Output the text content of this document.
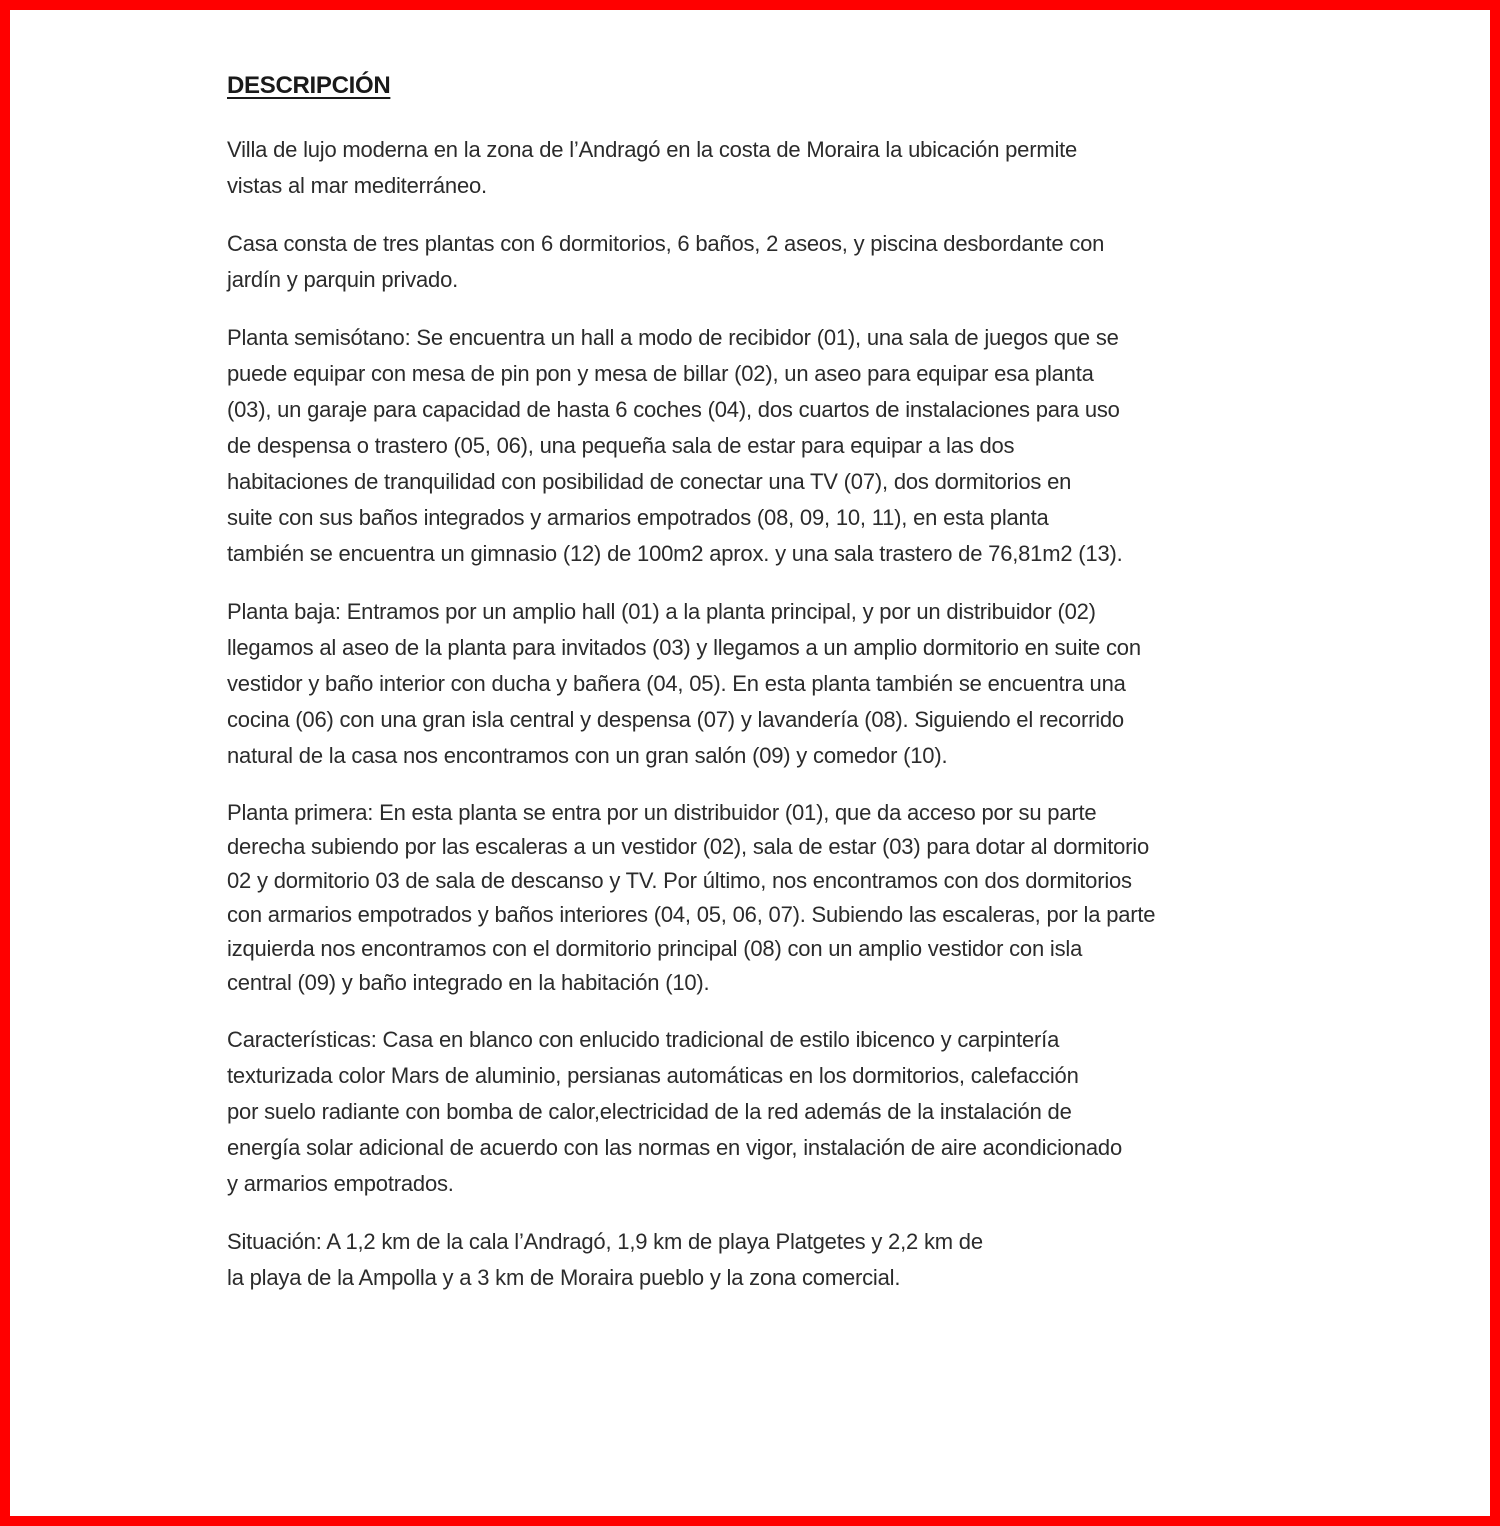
DESCRIPCIÓN
Villa de lujo moderna en la zona de l’Andragó en la costa de Moraira la ubicación permite
vistas al mar mediterráneo.
Casa consta de tres plantas con 6 dormitorios, 6 baños, 2 aseos, y piscina desbordante con
jardín y parquin privado.
Planta semisótano: Se encuentra un hall a modo de recibidor (01), una sala de juegos que se
puede equipar con mesa de pin pon y mesa de billar (02), un aseo para equipar esa planta
(03), un garaje para capacidad de hasta 6 coches (04), dos cuartos de instalaciones para uso
de despensa o trastero (05, 06), una pequeña sala de estar para equipar a las dos
habitaciones de tranquilidad con posibilidad de conectar una TV (07), dos dormitorios en
suite con sus baños integrados y armarios empotrados (08, 09, 10, 11), en esta planta
también se encuentra un gimnasio (12) de 100m2 aprox. y una sala trastero de 76,81m2 (13).
Planta baja: Entramos por un amplio hall (01) a la planta principal, y por un distribuidor (02)
llegamos al aseo de la planta para invitados (03) y llegamos a un amplio dormitorio en suite con
vestidor y baño interior con ducha y bañera (04, 05). En esta planta también se encuentra una
cocina (06) con una gran isla central y despensa (07) y lavandería (08). Siguiendo el recorrido
natural de la casa nos encontramos con un gran salón (09) y comedor (10).
Planta primera: En esta planta se entra por un distribuidor (01), que da acceso por su parte
derecha subiendo por las escaleras a un vestidor (02), sala de estar (03) para dotar al dormitorio
02 y dormitorio 03 de sala de descanso y TV. Por último, nos encontramos con dos dormitorios
con armarios empotrados y baños interiores (04, 05, 06, 07). Subiendo las escaleras, por la parte
izquierda nos encontramos con el dormitorio principal (08) con un amplio vestidor con isla
central (09) y baño integrado en la habitación (10).
Características: Casa en blanco con enlucido tradicional de estilo ibicenco y carpintería
texturizada color Mars de aluminio, persianas automáticas en los dormitorios, calefacción
por suelo radiante con bomba de calor,electricidad de la red además de la instalación de
energía solar adicional de acuerdo con las normas en vigor, instalación de aire acondicionado
y armarios empotrados.
Situación: A 1,2 km de la cala l’Andragó, 1,9 km de playa Platgetes y 2,2 km de
la playa de la Ampolla y a 3 km de Moraira pueblo y la zona comercial.
